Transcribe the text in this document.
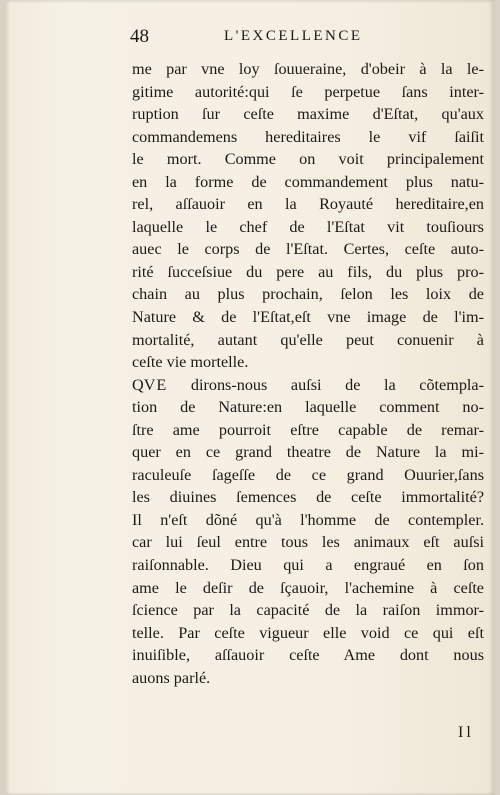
48	L'EXCELLENCE
me par vne loy ſouueraine, d'obeir à la le-
gitime autorité:qui ſe perpetue ſans inter-
ruption ſur ceſte maxime d'Eſtat, qu'aux
commandemens hereditaires le vif ſaiſit
le mort. Comme on voit principalement
en la forme de commandement plus natu-
rel, aſſauoir en la Royauté hereditaire,en
laquelle le chef de l'Eſtat vit touſiours
auec le corps de l'Eſtat. Certes, ceſte auto-
rité ſucceſsiue du pere au fils, du plus pro-
chain au plus prochain, ſelon les loix de
Nature & de l'Eſtat,eſt vne image de l'im-
mortalité, autant qu'elle peut conuenir à
ceſte vie mortelle.
QVE dirons-nous auſsi de la cõtempla-
tion de Nature:en laquelle comment no-
ſtre ame pourroit eſtre capable de remar-
quer en ce grand theatre de Nature la mi-
raculeuſe ſageſſe de ce grand Ouurier,ſans
les diuines ſemences de ceſte immortalité?
Il n'eſt dõné qu'à l'homme de contempler.
car lui ſeul entre tous les animaux eſt auſsi
raiſonnable. Dieu qui a engraué en ſon
ame le deſir de ſçauoir, l'achemine à ceſte
ſcience par la capacité de la raiſon immor-
telle. Par ceſte vigueur elle void ce qui eſt
inuiſible, aſſauoir ceſte Ame dont nous
auons parlé.
Il
